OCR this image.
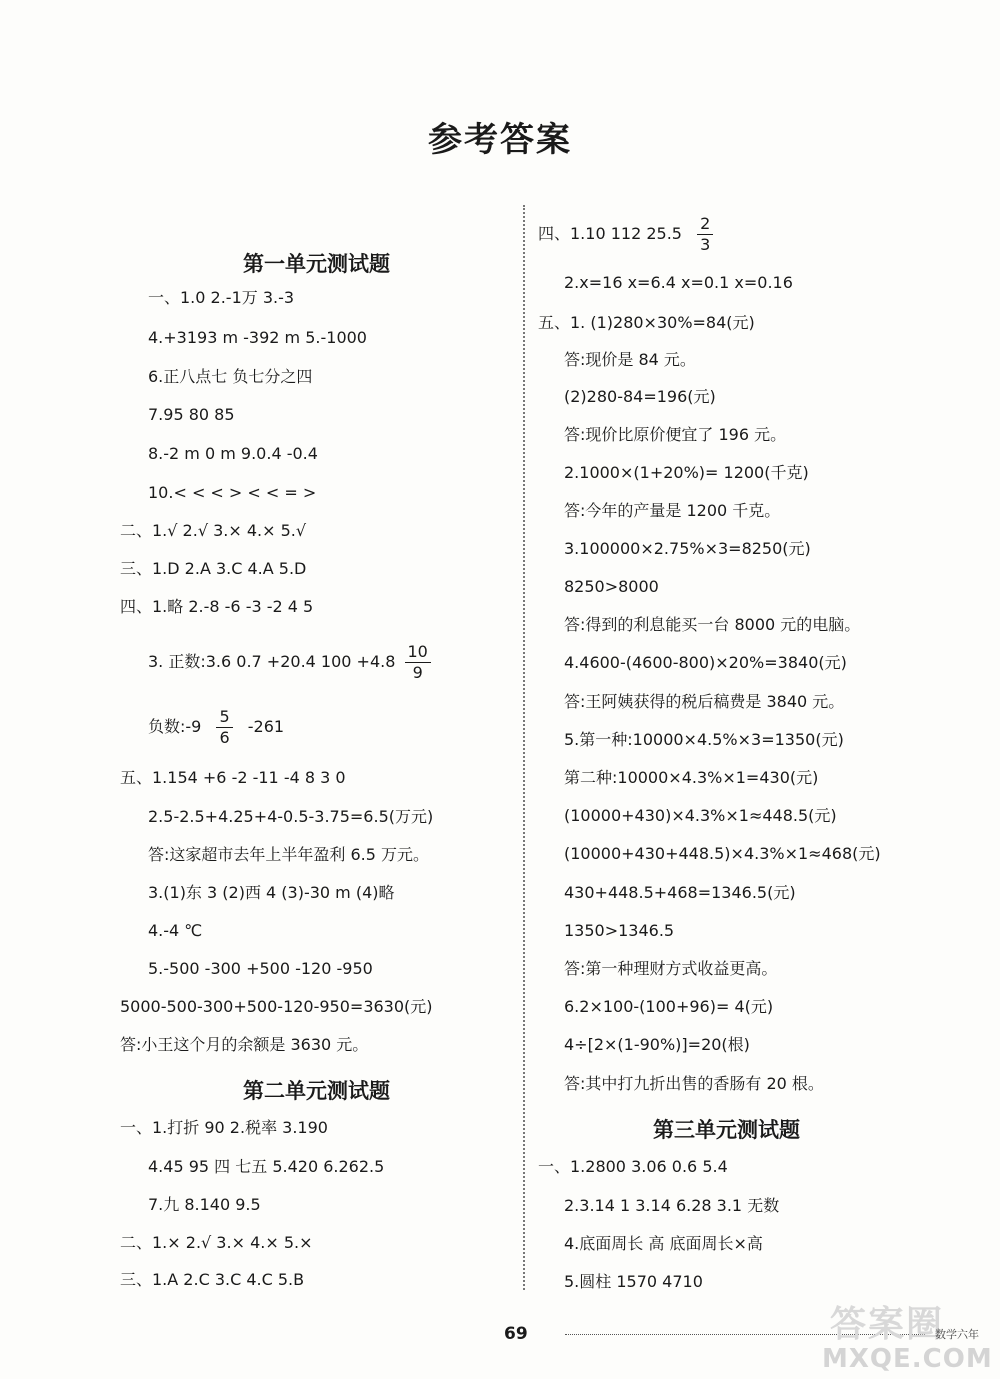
参考答案
第一单元测试题
一、1.0 2.-1万 3.-3
4.+3193 m -392 m 5.-1000
6.正八点七 负七分之四
7.95 80 85
8.-2 m 0 m 9.0.4 -0.4
10.< < < > < < = >
二、1.√ 2.√ 3.× 4.× 5.√
三、1.D 2.A 3.C 4.A 5.D
四、1.略 2.-8 -6 -3 -2 4 5
3. 正数:3.6 0.7 +20.4 $100 +4.8 \frac{10}{9}$
负数:-9 $\frac{5}{6} -261$
五、1.154 +6 -2 -11 -4 8 3 0
2.5-2.5+4.25+4-0.5-3.75=6.5(万元)
答:这家超市去年上半年盈利 6.5 万元。
3.(1)东 3 (2)西 4 (3)-30 m (4)略
4.-4 ℃
5.-500 -300 +500 -120 -950
5000-500-300+500-120-950=3630(元)
答:小王这个月的余额是 3630 元。
第二单元测试题
一、1.打折 90 2.税率 3.190
4.45 95 四 七五 5.420 6.262.5
7.九 8.140 9.5
二、1.× 2.√ 3.× 4.× 5.×
三、1.A 2.C 3.C 4.C 5.B
四、1.10 112 $25.5 \frac{2}{3}$
2.x=16 x=6.4 x=0.1 x=0.16
五、1. (1)280×30%=84(元)
答:现价是 84 元。
(2)280-84=196(元)
答:现价比原价便宜了 196 元。
2.1000×(1+20%)= 1200(千克)
答:今年的产量是 1200 千克。
3.100000×2.75%×3=8250(元)
8250>8000
答:得到的利息能买一台 8000 元的电脑。
4.4600-(4600-800)×20%=3840(元)
答:王阿姨获得的税后稿费是 3840 元。
5.第一种:10000×4.5%×3=1350(元)
第二种:10000×4.3%×1=430(元)
(10000+430)×4.3%×1≈448.5(元)
(10000+430+448.5)×4.3%×1≈468(元)
430+448.5+468=1346.5(元)
1350>1346.5
答:第一种理财方式收益更高。
6.2×100-(100+96)= 4(元)
4÷[2×(1-90%)]=20(根)
答:其中打九折出售的香肠有 20 根。
第三单元测试题
一、1.2800 3.06 0.6 5.4
2.3.14 1 3.14 6.28 3.1 无数
4.底面周长 高 底面周长×高
5.圆柱 1570 4710
69	答案圈
MXQE.COM
数学六年
